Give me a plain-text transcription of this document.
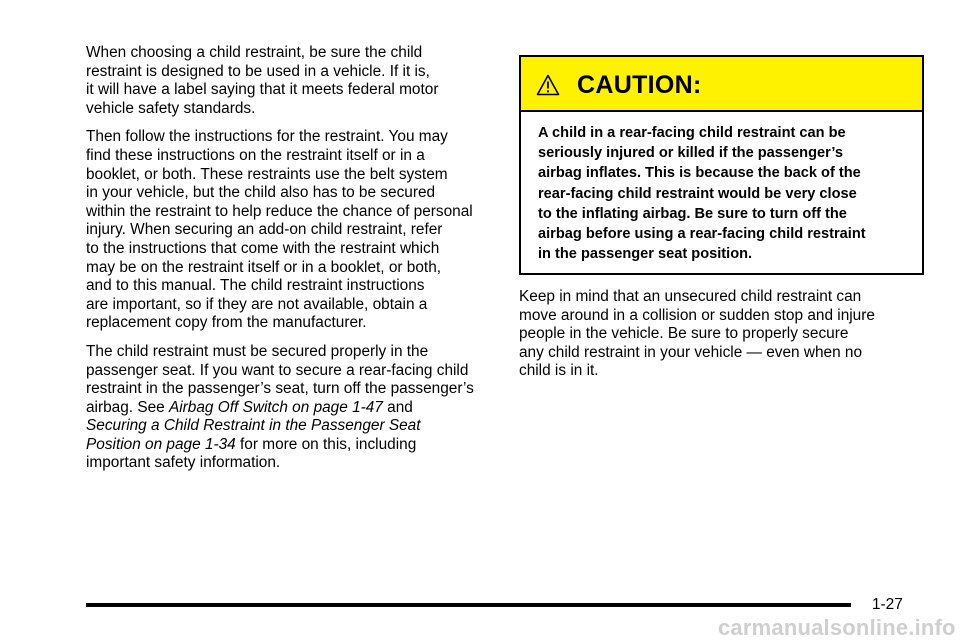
When choosing a child restraint, be sure the child
restraint is designed to be used in a vehicle. If it is,
it will have a label saying that it meets federal motor
vehicle safety standards.

Then follow the instructions for the restraint. You may
find these instructions on the restraint itself or in a
booklet, or both. These restraints use the belt system
in your vehicle, but the child also has to be secured
within the restraint to help reduce the chance of personal
injury. When securing an add-on child restraint, refer
to the instructions that come with the restraint which
may be on the restraint itself or in a booklet, or both,
and to this manual. The child restraint instructions
are important, so if they are not available, obtain a
replacement copy from the manufacturer.

The child restraint must be secured properly in the
passenger seat. If you want to secure a rear-facing child
restraint in the passenger’s seat, turn off the passenger’s
airbag. See Airbag Off Switch on page 1-47 and
Securing a Child Restraint in the Passenger Seat
Position on page 1-34 for more on this, including
important safety information.

CAUTION:
A child in a rear-facing child restraint can be
seriously injured or killed if the passenger’s
airbag inflates. This is because the back of the
rear-facing child restraint would be very close
to the inflating airbag. Be sure to turn off the
airbag before using a rear-facing child restraint
in the passenger seat position.

Keep in mind that an unsecured child restraint can
move around in a collision or sudden stop and injure
people in the vehicle. Be sure to properly secure
any child restraint in your vehicle — even when no
child is in it.

1-27
carmanualsonline.info
